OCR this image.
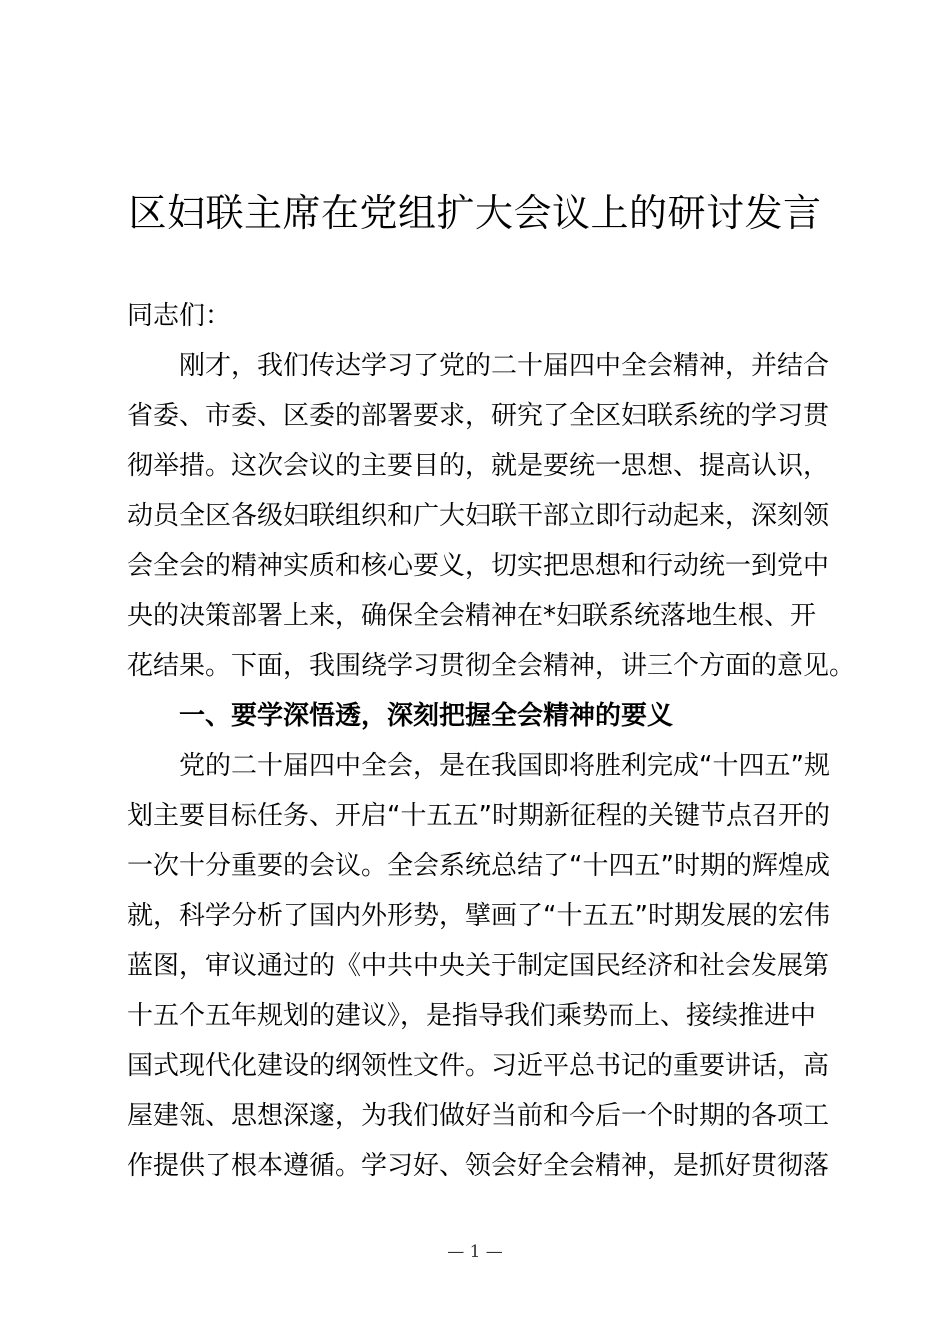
区妇联主席在党组扩大会议上的研讨发言
同志们：
刚才，我们传达学习了党的二十届四中全会精神，并结合
省委、市委、区委的部署要求，研究了全区妇联系统的学习贯
彻举措。这次会议的主要目的，就是要统一思想、提高认识，
动员全区各级妇联组织和广大妇联干部立即行动起来，深刻领
会全会的精神实质和核心要义，切实把思想和行动统一到党中
央的决策部署上来，确保全会精神在*妇联系统落地生根、开
花结果。下面，我围绕学习贯彻全会精神，讲三个方面的意见。
一、要学深悟透，深刻把握全会精神的要义
党的二十届四中全会，是在我国即将胜利完成“十四五”规
划主要目标任务、开启“十五五”时期新征程的关键节点召开的
一次十分重要的会议。全会系统总结了“十四五”时期的辉煌成
就，科学分析了国内外形势，擘画了“十五五”时期发展的宏伟
蓝图，审议通过的《中共中央关于制定国民经济和社会发展第
十五个五年规划的建议》，是指导我们乘势而上、接续推进中
国式现代化建设的纲领性文件。习近平总书记的重要讲话，高
屋建瓴、思想深邃，为我们做好当前和今后一个时期的各项工
作提供了根本遵循。学习好、领会好全会精神，是抓好贯彻落
— 1 —
